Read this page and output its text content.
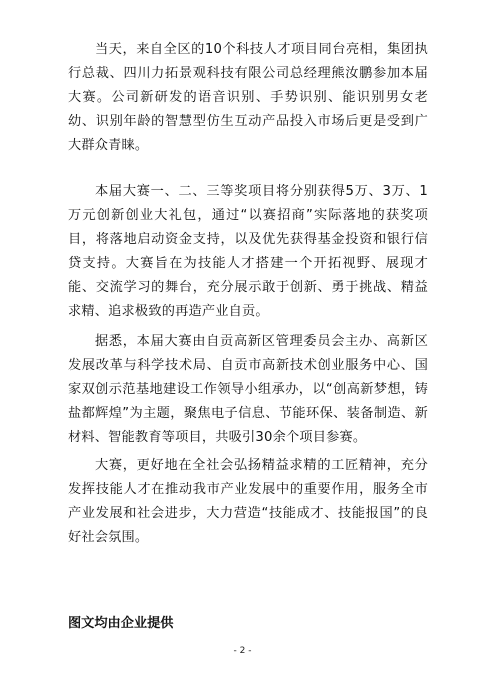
当天，来自全区的10个科技人才项目同台亮相，集团执行总裁、四川力拓景观科技有限公司总经理熊汝鹏参加本届大赛。公司新研发的语音识别、手势识别、能识别男女老幼、识别年龄的智慧型仿生互动产品投入市场后更是受到广大群众青睐。

本届大赛一、二、三等奖项目将分别获得5万、3万、1万元创新创业大礼包，通过“以赛招商”实际落地的获奖项目，将落地启动资金支持，以及优先获得基金投资和银行信贷支持。大赛旨在为技能人才搭建一个开拓视野、展现才能、交流学习的舞台，充分展示敢于创新、勇于挑战、精益求精、追求极致的再造产业自贡。

据悉，本届大赛由自贡高新区管理委员会主办、高新区发展改革与科学技术局、自贡市高新技术创业服务中心、国家双创示范基地建设工作领导小组承办，以“创高新梦想，铸盐都辉煌”为主题，聚焦电子信息、节能环保、装备制造、新材料、智能教育等项目，共吸引30余个项目参赛。

大赛，更好地在全社会弘扬精益求精的工匠精神，充分发挥技能人才在推动我市产业发展中的重要作用，服务全市产业发展和社会进步，大力营造“技能成才、技能报国”的良好社会氛围。

图文均由企业提供

- 2 -
